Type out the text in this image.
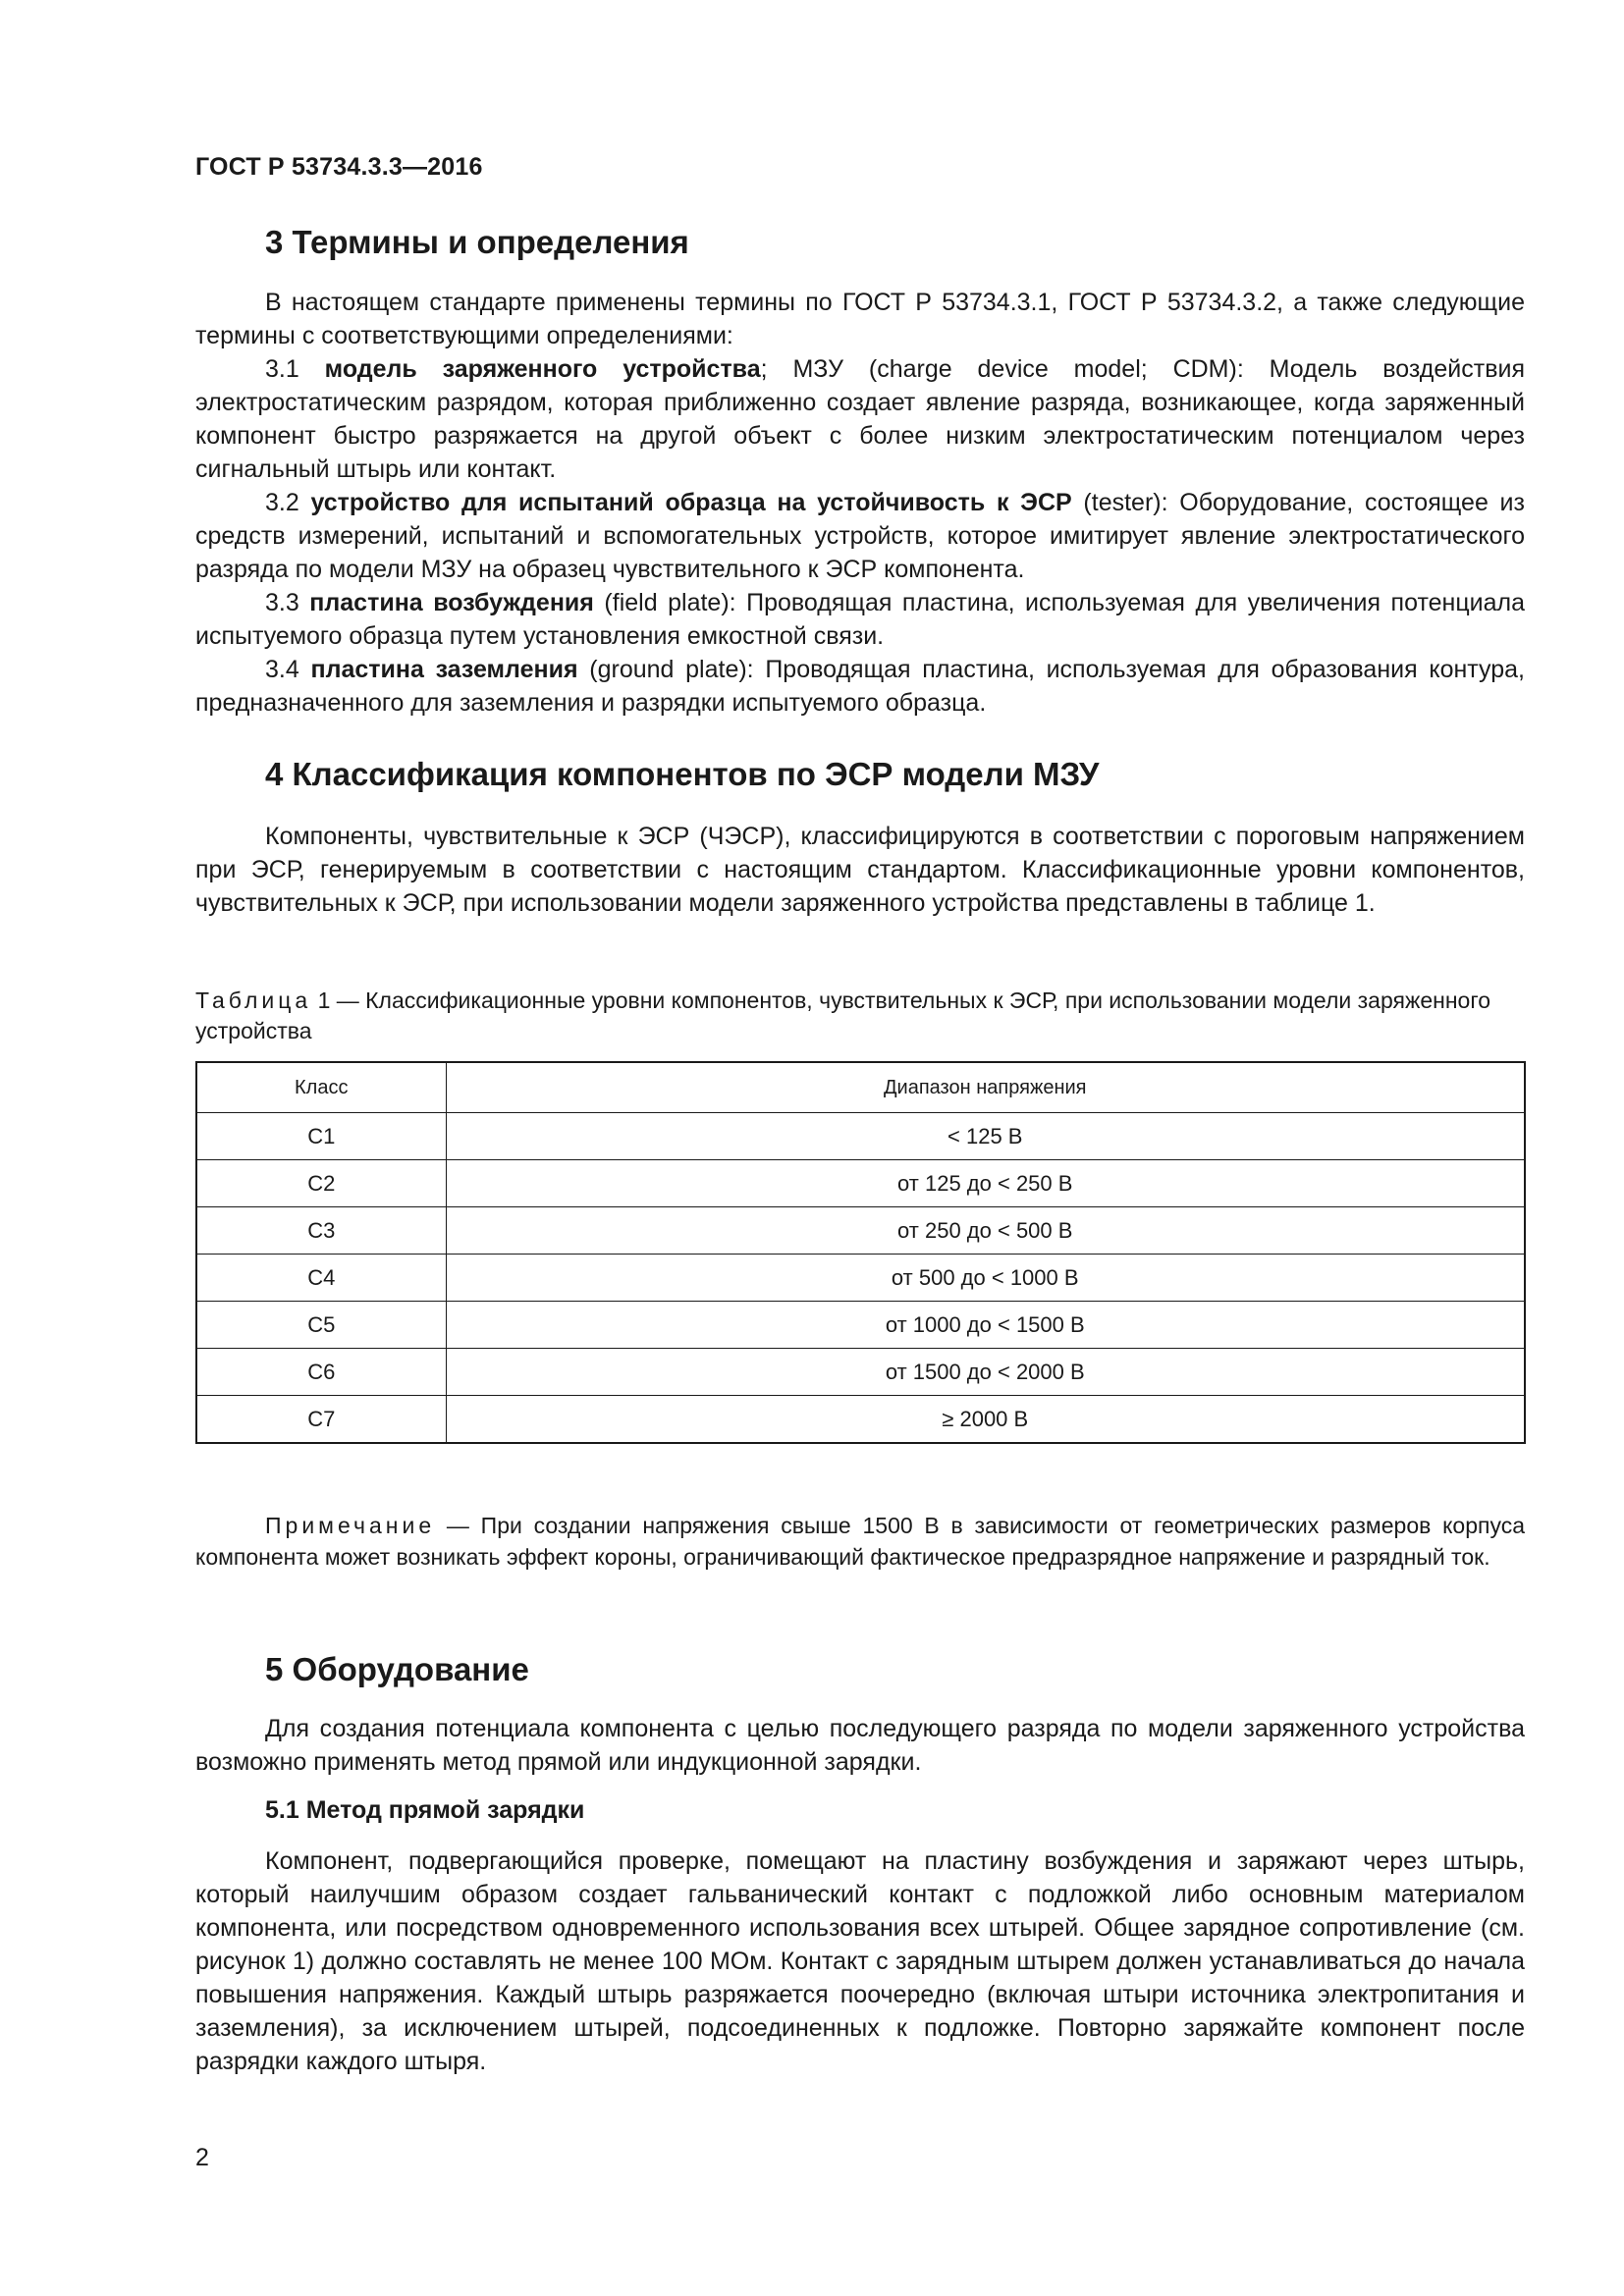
ГОСТ Р 53734.3.3—2016
3 Термины и определения

В настоящем стандарте применены термины по ГОСТ Р 53734.3.1, ГОСТ Р 53734.3.2, а также следующие термины с соответствующими определениями:

3.1 модель заряженного устройства; МЗУ (charge device model; CDM): Модель воздействия электростатическим разрядом, которая приближенно создает явление разряда, возникающее, когда заряженный компонент быстро разряжается на другой объект с более низким электростатическим потенциалом через сигнальный штырь или контакт.

3.2 устройство для испытаний образца на устойчивость к ЭСР (tester): Оборудование, состоящее из средств измерений, испытаний и вспомогательных устройств, которое имитирует явление электростатического разряда по модели МЗУ на образец чувствительного к ЭСР компонента.

3.3 пластина возбуждения (field plate): Проводящая пластина, используемая для увеличения потенциала испытуемого образца путем установления емкостной связи.

3.4 пластина заземления (ground plate): Проводящая пластина, используемая для образования контура, предназначенного для заземления и разрядки испытуемого образца.

4 Классификация компонентов по ЭСР модели МЗУ

Компоненты, чувствительные к ЭСР (ЧЭСР), классифицируются в соответствии с пороговым напряжением при ЭСР, генерируемым в соответствии с настоящим стандартом. Классификационные уровни компонентов, чувствительных к ЭСР, при использовании модели заряженного устройства представлены в таблице 1.

Таблица 1 — Классификационные уровни компонентов, чувствительных к ЭСР, при использовании модели заряженного устройства

Класс	Диапазон напряжения
C1	< 125 В
C2	от 125 до < 250 В
C3	от 250 до < 500 В
C4	от 500 до < 1000 В
C5	от 1000 до < 1500 В
C6	от 1500 до < 2000 В
C7	≥ 2000 В

Примечание — При создании напряжения свыше 1500 В в зависимости от геометрических размеров корпуса компонента может возникать эффект короны, ограничивающий фактическое предразрядное напряжение и разрядный ток.

5 Оборудование

Для создания потенциала компонента с целью последующего разряда по модели заряженного устройства возможно применять метод прямой или индукционной зарядки.

5.1 Метод прямой зарядки

Компонент, подвергающийся проверке, помещают на пластину возбуждения и заряжают через штырь, который наилучшим образом создает гальванический контакт с подложкой либо основным материалом компонента, или посредством одновременного использования всех штырей. Общее зарядное сопротивление (см. рисунок 1) должно составлять не менее 100 МОм. Контакт с зарядным штырем должен устанавливаться до начала повышения напряжения. Каждый штырь разряжается поочередно (включая штыри источника электропитания и заземления), за исключением штырей, подсоединенных к подложке. Повторно заряжайте компонент после разрядки каждого штыря.

2
